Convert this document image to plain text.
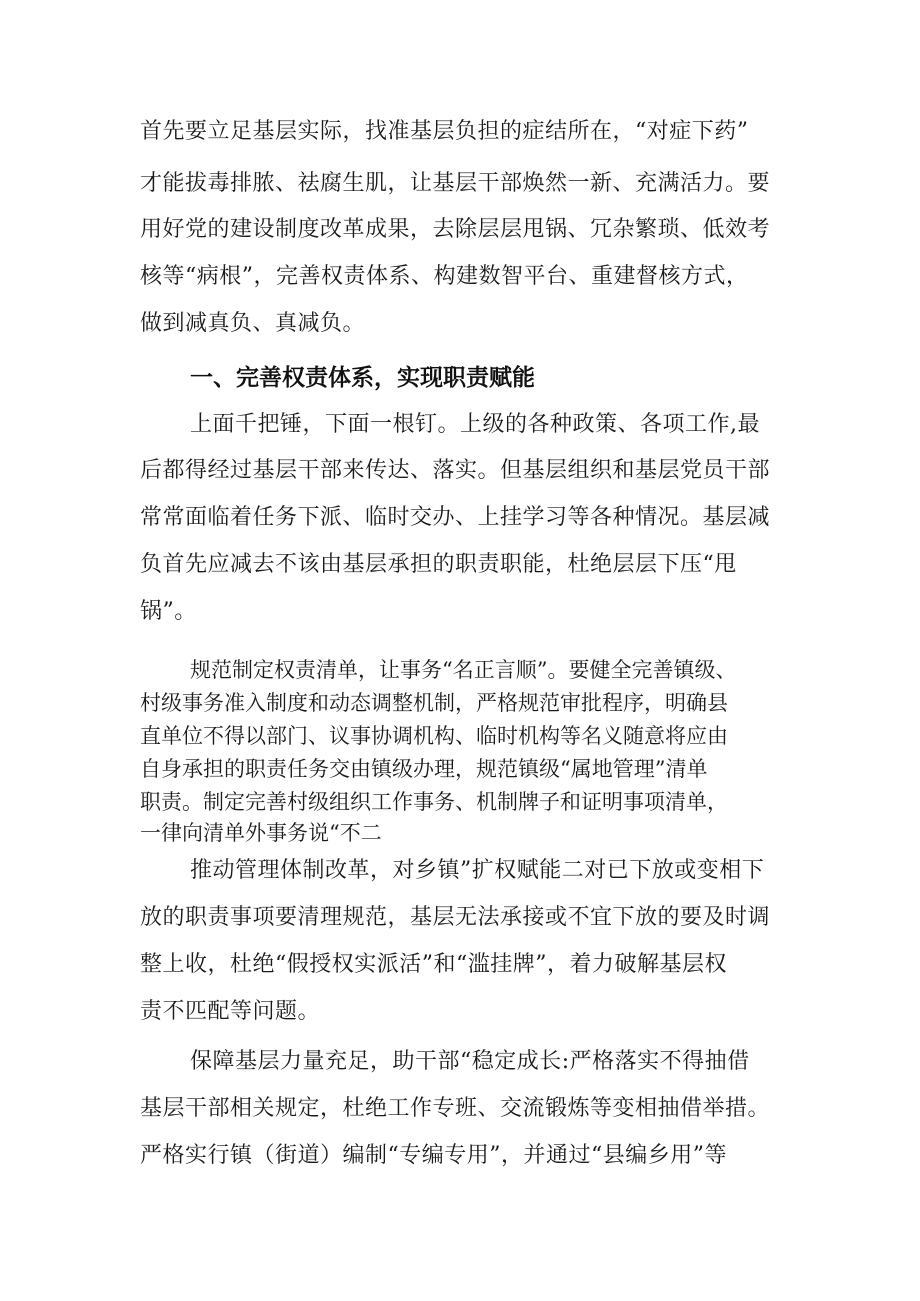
首先要立足基层实际，找准基层负担的症结所在，“对症下药”

才能拔毒排脓、祛腐生肌，让基层干部焕然一新、充满活力。要

用好党的建设制度改革成果，去除层层甩锅、冗杂繁琐、低效考

核等“病根”，完善权责体系、构建数智平台、重建督核方式，

做到减真负、真减负。

一、完善权责体系，实现职责赋能

上面千把锤，下面一根钉。上级的各种政策、各项工作,最

后都得经过基层干部来传达、落实。但基层组织和基层党员干部

常常面临着任务下派、临时交办、上挂学习等各种情况。基层减

负首先应减去不该由基层承担的职责职能，杜绝层层下压“甩

锅”。

规范制定权责清单，让事务“名正言顺”。要健全完善镇级、

村级事务准入制度和动态调整机制，严格规范审批程序，明确县

直单位不得以部门、议事协调机构、临时机构等名义随意将应由

自身承担的职责任务交由镇级办理，规范镇级“属地管理”清单

职责。制定完善村级组织工作事务、机制牌子和证明事项清单，

一律向清单外事务说“不二

推动管理体制改革，对乡镇”扩权赋能二对已下放或变相下

放的职责事项要清理规范，基层无法承接或不宜下放的要及时调

整上收，杜绝“假授权实派活”和“滥挂牌”，着力破解基层权

责不匹配等问题。

保障基层力量充足，助干部“稳定成长:严格落实不得抽借

基层干部相关规定，杜绝工作专班、交流锻炼等变相抽借举措。

严格实行镇（街道）编制“专编专用”，并通过“县编乡用”等
